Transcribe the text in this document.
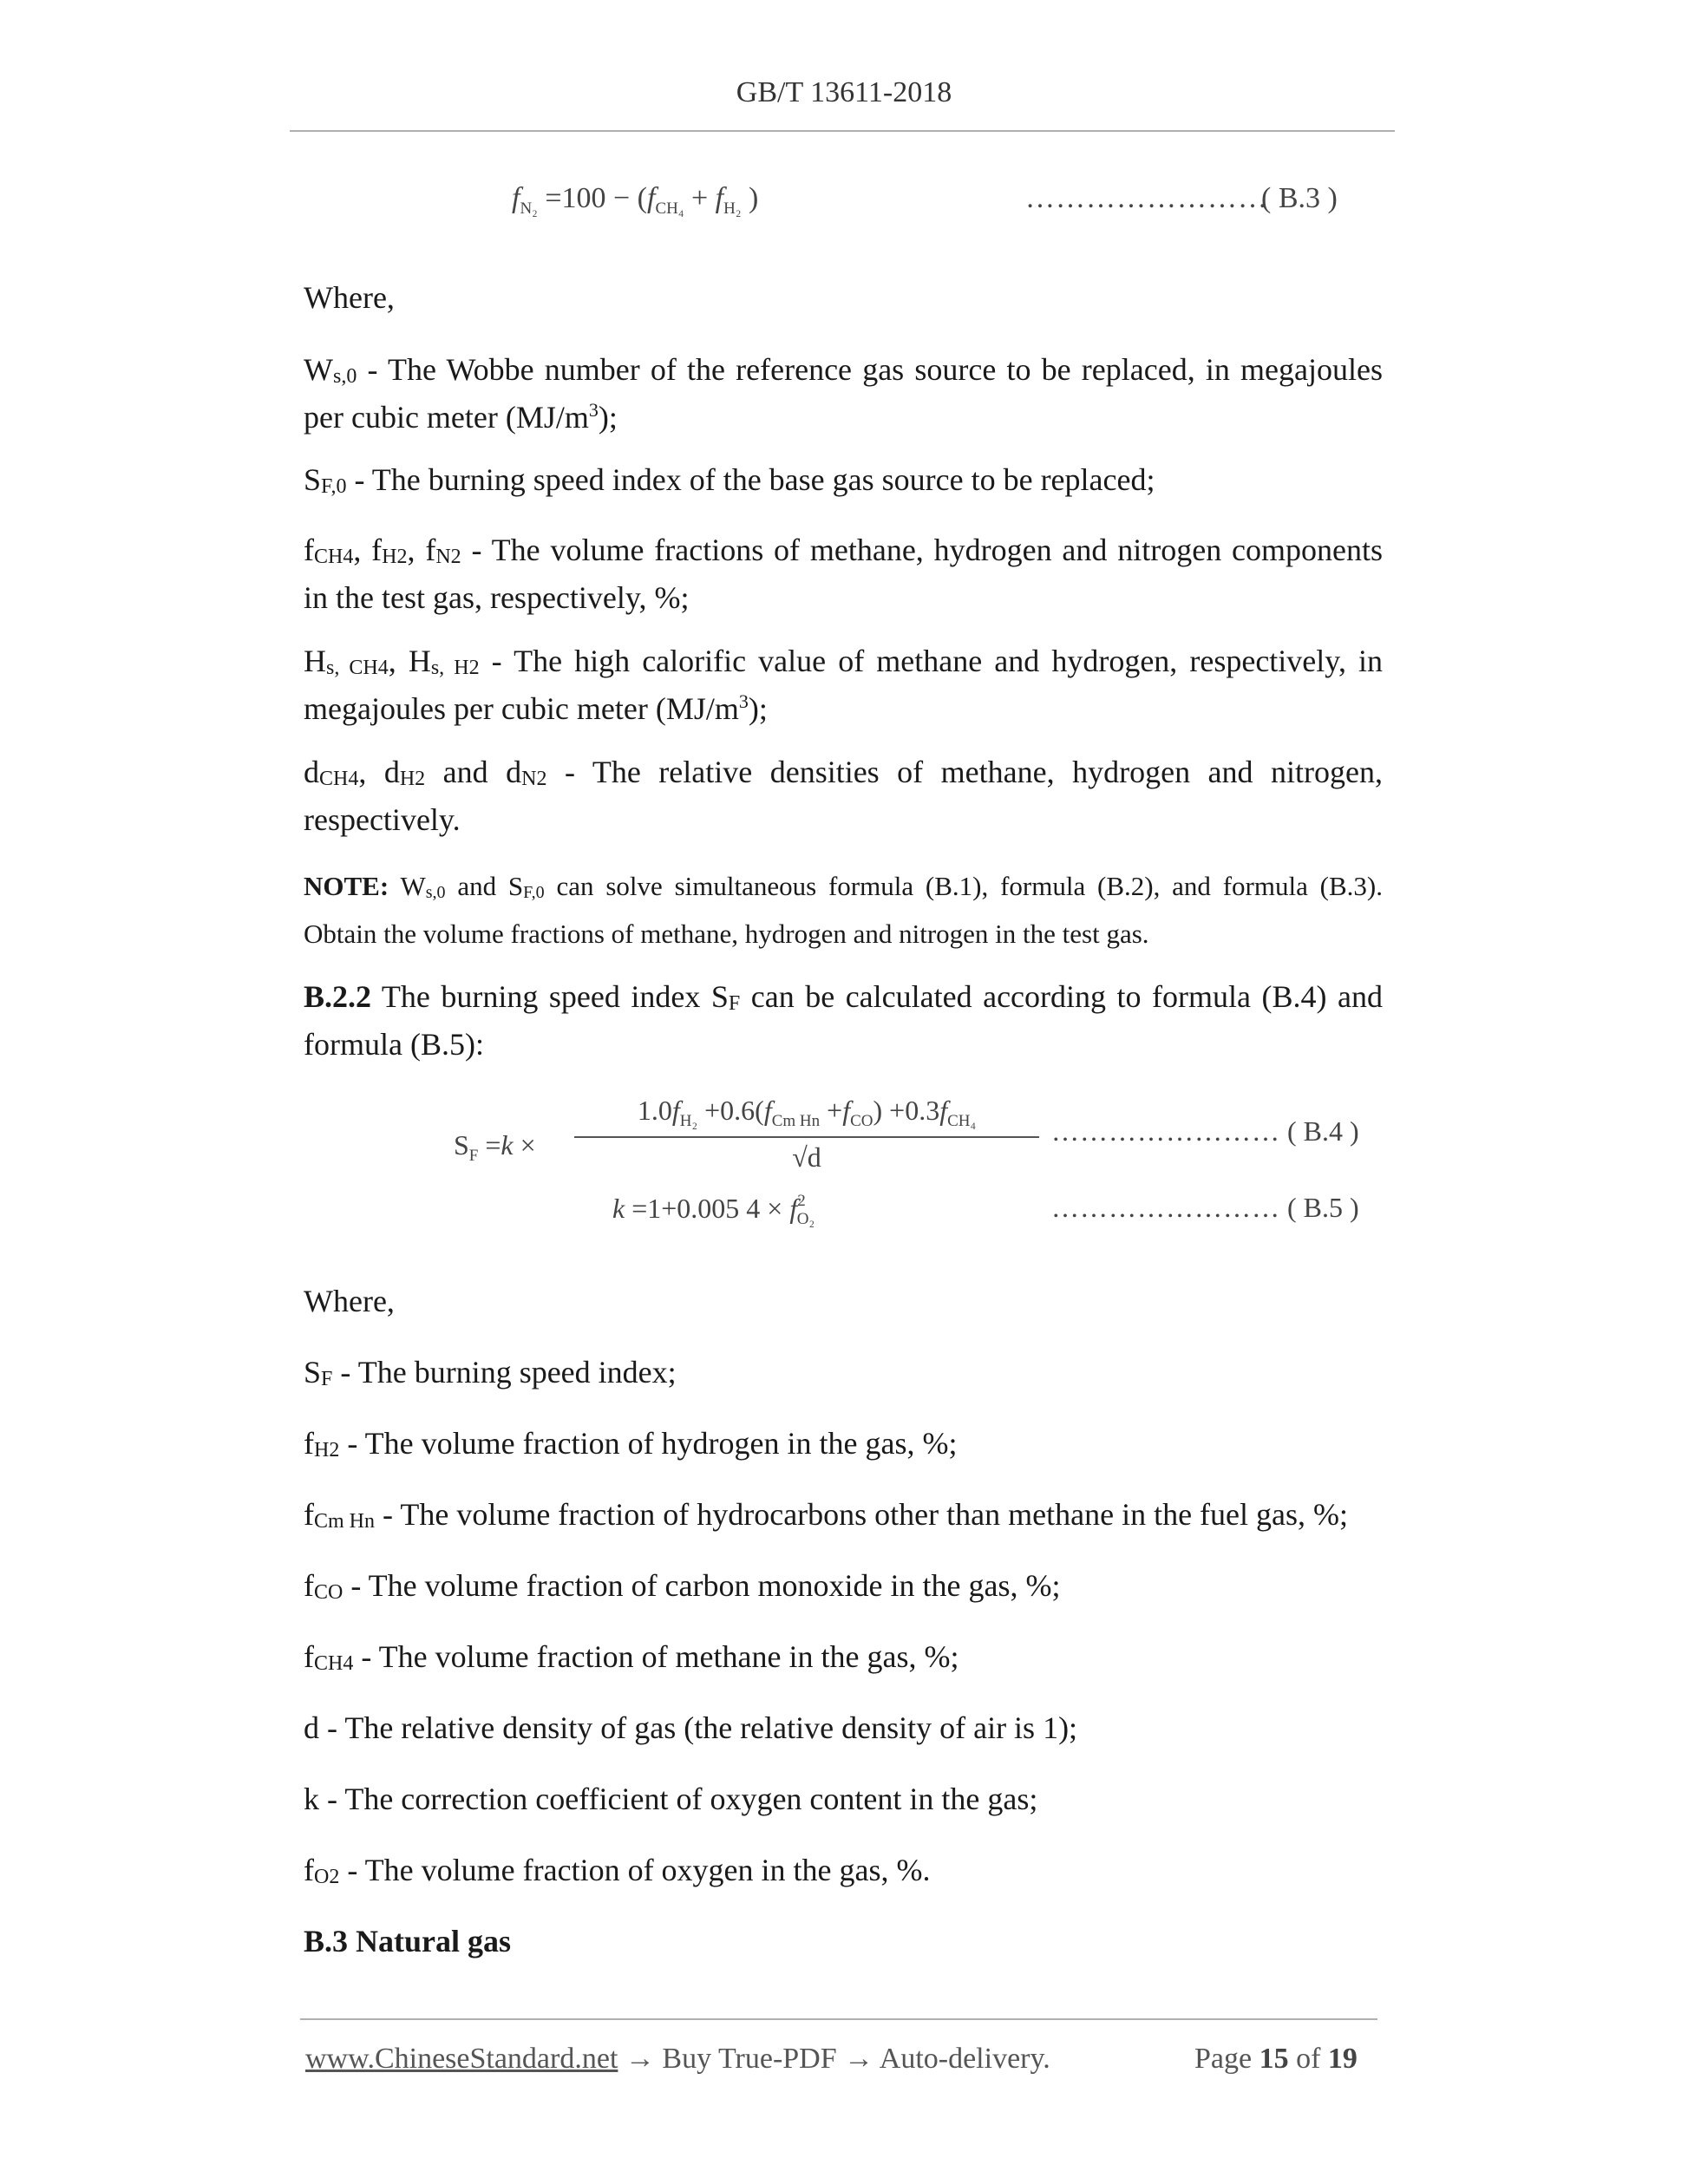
GB/T 13611-2018
$f_{N_2} =100 - (f_{CH_4} + f_{H_2}$ )	……………………
( B.3 )
Where,
Ws,0 - The Wobbe number of the reference gas source to be replaced, in megajoules per cubic meter $(MJ/m^3)$;
SF,0 - The burning speed index of the base gas source to be replaced;
fCH4, fH2, fN2 - The volume fractions of methane, hydrogen and nitrogen components in the test gas, respectively, %;
Hs, CH4, Hs, H2 - The high calorific value of methane and hydrogen, respectively, in megajoules per cubic meter $(MJ/m^3)$;
dCH4, dH2 and dN2 - The relative densities of methane, hydrogen and nitrogen, respectively.
NOTE: Ws,0 and SF,0 can solve simultaneous formula (B.1), formula (B.2), and formula (B.3). Obtain the volume fractions of methane, hydrogen and nitrogen in the test gas.
B.2.2 The burning speed index SF can be calculated according to formula (B.4) and formula (B.5):
$S_F =k$ ×
$1.0f_{H_2} +0.6(f_{Cm Hn} +f_{CO}) +0.3f_{CH_4}$
√d
…………………… ( B.4 )
k =1+0.005 $4 \times f^2_{O_2}$	…………………… ( B.5 )
Where,
SF - The burning speed index;
fH2 - The volume fraction of hydrogen in the gas, %;
fCm Hn - The volume fraction of hydrocarbons other than methane in the fuel gas, %;
fCO - The volume fraction of carbon monoxide in the gas, %;
fCH4 - The volume fraction of methane in the gas, %;
d - The relative density of gas (the relative density of air is 1);
k - The correction coefficient of oxygen content in the gas;
fO2 - The volume fraction of oxygen in the gas, %.
B.3 Natural gas
www.ChineseStandard.net → Buy True-PDF → Auto-delivery.	Page 15 of 19
